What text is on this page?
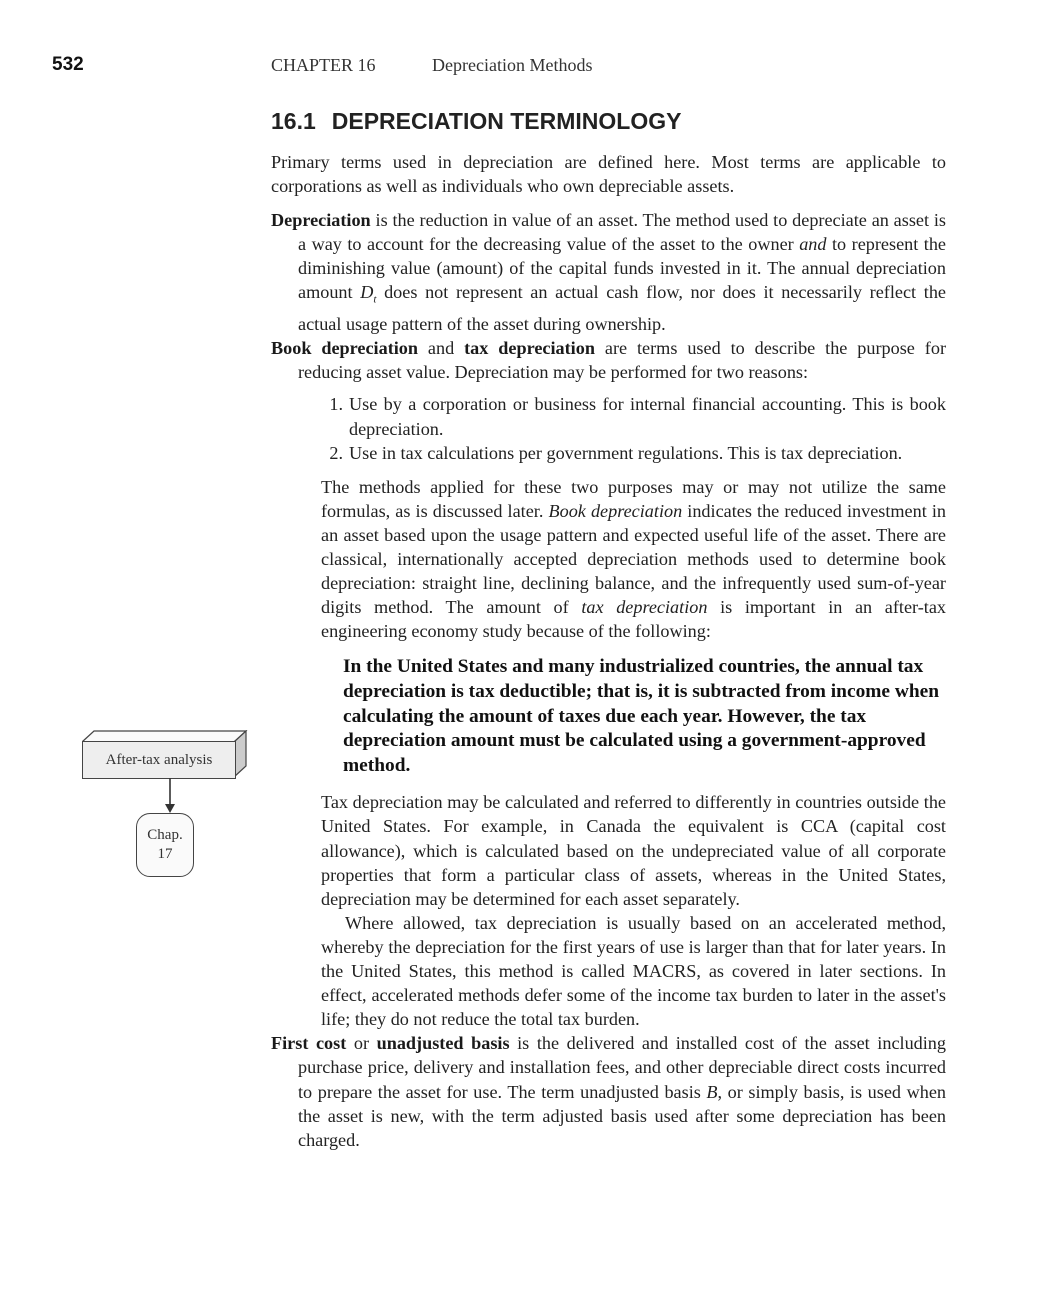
532	CHAPTER 16	Depreciation Methods
16.1 DEPRECIATION TERMINOLOGY

Primary terms used in depreciation are defined here. Most terms are applicable to corporations as well as individuals who own depreciable assets.

Depreciation is the reduction in value of an asset. The method used to depreciate an asset is a way to account for the decreasing value of the asset to the owner and to represent the diminishing value (amount) of the capital funds invested in it. The annual depreciation amount $D_t$ does not represent an actual cash flow, nor does it necessarily reflect the actual usage pattern of the asset during ownership.

Book depreciation and tax depreciation are terms used to describe the purpose for reducing asset value. Depreciation may be performed for two reasons:

1. Use by a corporation or business for internal financial accounting. This is book depreciation.
2. Use in tax calculations per government regulations. This is tax depreciation.

The methods applied for these two purposes may or may not utilize the same formulas, as is discussed later. Book depreciation indicates the reduced investment in an asset based upon the usage pattern and expected useful life of the asset. There are classical, internationally accepted depreciation methods used to determine book depreciation: straight line, declining balance, and the infrequently used sum-of-year digits method. The amount of tax depreciation is important in an after-tax engineering economy study because of the following:

In the United States and many industrialized countries, the annual tax depreciation is tax deductible; that is, it is subtracted from income when calculating the amount of taxes due each year. However, the tax depreciation amount must be calculated using a government-approved method.

Tax depreciation may be calculated and referred to differently in countries outside the United States. For example, in Canada the equivalent is CCA (capital cost allowance), which is calculated based on the undepreciated value of all corporate properties that form a particular class of assets, whereas in the United States, depreciation may be determined for each asset separately.

Where allowed, tax depreciation is usually based on an accelerated method, whereby the depreciation for the first years of use is larger than that for later years. In the United States, this method is called MACRS, as covered in later sections. In effect, accelerated methods defer some of the income tax burden to later in the asset's life; they do not reduce the total tax burden.

First cost or unadjusted basis is the delivered and installed cost of the asset including purchase price, delivery and installation fees, and other depreciable direct costs incurred to prepare the asset for use. The term unadjusted basis B, or simply basis, is used when the asset is new, with the term adjusted basis used after some depreciation has been charged.

After-tax analysis
Chap.
17
